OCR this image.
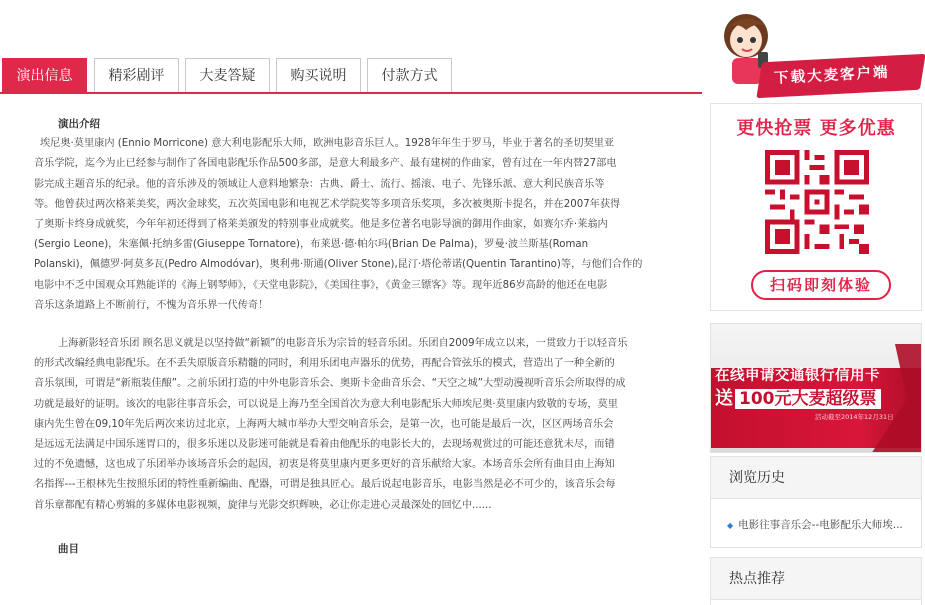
演出信息	精彩剧评	大麦答疑	购买说明	付款方式
演出介绍
埃尼奥·莫里康内 (Ennio Morricone) 意大利电影配乐大师，欧洲电影音乐巨人。1928年年生于罗马，毕业于著名的圣切契里亚
音乐学院，迄今为止已经参与制作了各国电影配乐作品500多部，是意大利最多产、最有建树的作曲家，曾有过在一年内替27部电
影完成主题音乐的纪录。他的音乐涉及的领域让人意料地繁杂：古典、爵士、流行、摇滚、电子、先锋乐派、意大利民族音乐等
等。他曾获过两次格莱美奖，两次金球奖，五次英国电影和电视艺术学院奖等多项音乐奖项，多次被奥斯卡提名，并在2007年获得
了奥斯卡终身成就奖，今年年初还得到了格莱美颁发的特别事业成就奖。他是多位著名电影导演的御用作曲家，如赛尔乔·莱翁内
(Sergio Leone)，朱塞佩·托纳多雷(Giuseppe Tornatore)，布莱恩·德·帕尔玛(Brian De Palma)，罗曼·波兰斯基(Roman
Polanski)，佩德罗·阿莫多瓦(Pedro Almodóvar)，奥利弗·斯通(Oliver Stone),昆汀·塔伦蒂诺(Quentin Tarantino)等，与他们合作的
电影中不乏中国观众耳熟能详的《海上钢琴师》，《天堂电影院》，《美国往事》，《黄金三镖客》等。现年近86岁高龄的他还在电影
音乐这条道路上不断前行，不愧为音乐界一代传奇！
上海新影轻音乐团 顾名思义就是以坚持做“新颖”的电影音乐为宗旨的轻音乐团。乐团自2009年成立以来，一贯致力于以轻音乐
的形式改编经典电影配乐。在不丢失原版音乐精髓的同时，利用乐团电声器乐的优势，再配合管弦乐的模式，营造出了一种全新的
音乐氛围，可谓是“新瓶装佳酿”。之前乐团打造的中外电影音乐会、奥斯卡金曲音乐会、“天空之城”大型动漫视听音乐会所取得的成
功就是最好的证明。该次的电影往事音乐会，可以说是上海乃至全国首次为意大利电影配乐大师埃尼奥·莫里康内致敬的专场，莫里
康内先生曾在09,10年先后两次来访过北京，上海两大城市举办大型交响音乐会，是第一次，也可能是最后一次，区区两场音乐会
是远远无法满足中国乐迷胃口的，很多乐迷以及影迷可能就是看着由他配乐的电影长大的，去现场观赏过的可能还意犹未尽，而错
过的不免遗憾，这也成了乐团举办该场音乐会的起因，初衷是将莫里康内更多更好的音乐献给大家。本场音乐会所有曲目由上海知
名指挥---王根林先生按照乐团的特性重新编曲、配器，可谓是独具匠心。最后说起电影音乐，电影当然是必不可少的，该音乐会每
首乐章都配有精心剪辑的多媒体电影视频，旋律与光影交织辉映，必让你走进心灵最深处的回忆中......
曲目
下载大麦客户端
更快抢票 更多优惠
扫码即刻体验
在线申请交通银行信用卡
送 100元大麦超级票
活动截至2014年12月31日
浏览历史
◆ 电影往事音乐会--电影配乐大师埃...
热点推荐
